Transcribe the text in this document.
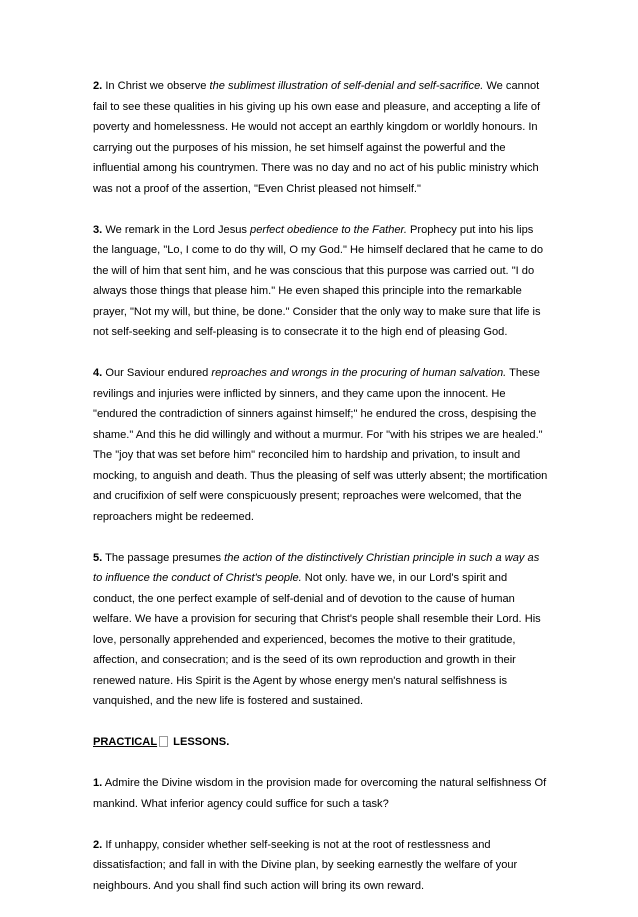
2. In Christ we observe the sublimest illustration of self-denial and self-sacrifice. We cannot fail to see these qualities in his giving up his own ease and pleasure, and accepting a life of poverty and homelessness. He would not accept an earthly kingdom or worldly honours. In carrying out the purposes of his mission, he set himself against the powerful and the influential among his countrymen. There was no day and no act of his public ministry which was not a proof of the assertion, "Even Christ pleased not himself."

3. We remark in the Lord Jesus perfect obedience to the Father. Prophecy put into his lips the language, "Lo, I come to do thy will, O my God." He himself declared that he came to do the will of him that sent him, and he was conscious that this purpose was carried out. "I do always those things that please him." He even shaped this principle into the remarkable prayer, "Not my will, but thine, be done." Consider that the only way to make sure that life is not self-seeking and self-pleasing is to consecrate it to the high end of pleasing God.

4. Our Saviour endured reproaches and wrongs in the procuring of human salvation. These revilings and injuries were inflicted by sinners, and they came upon the innocent. He "endured the contradiction of sinners against himself;" he endured the cross, despising the shame." And this he did willingly and without a murmur. For "with his stripes we are healed." The "joy that was set before him" reconciled him to hardship and privation, to insult and mocking, to anguish and death. Thus the pleasing of self was utterly absent; the mortification and crucifixion of self were conspicuously present; reproaches were welcomed, that the reproachers might be redeemed.

5. The passage presumes the action of the distinctively Christian principle in such a way as to influence the conduct of Christ's people. Not only. have we, in our Lord's spirit and conduct, the one perfect example of self-denial and of devotion to the cause of human welfare. We have a provision for securing that Christ's people shall resemble their Lord. His love, personally apprehended and experienced, becomes the motive to their gratitude, affection, and consecration; and is the seed of its own reproduction and growth in their renewed nature. His Spirit is the Agent by whose energy men's natural selfishness is vanquished, and the new life is fostered and sustained.

PRACTICAL LESSONS.

1. Admire the Divine wisdom in the provision made for overcoming the natural selfishness Of mankind. What inferior agency could suffice for such a task?

2. If unhappy, consider whether self-seeking is not at the root of restlessness and dissatisfaction; and fall in with the Divine plan, by seeking earnestly the welfare of your neighbours. And you shall find such action will bring its own reward.
